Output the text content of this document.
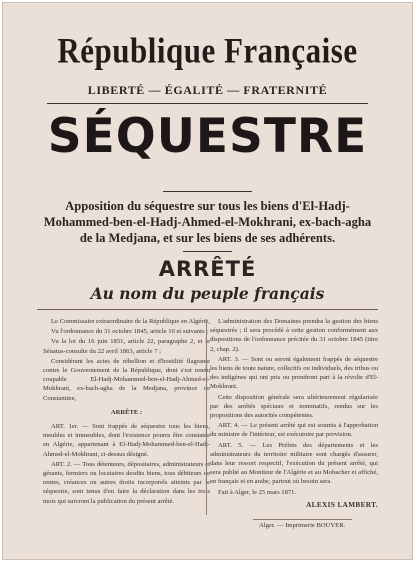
République Française
LIBERTÉ — ÉGALITÉ — FRATERNITÉ
SÉQUESTRE
Apposition du séquestre sur tous les biens d'El-Hadj-Mohammed-ben-el-Hadj-Ahmed-el-Mokhrani, ex-bach-agha de la Medjana, et sur les biens de ses adhérents.
ARRÊTÉ
Au nom du peuple français

Le Commissaire extraordinaire de la République en Algérie,

Vu l'ordonnance du 31 octobre 1845, article 10 et suivants ;

Vu la loi du 16 juin 1851, article 22, paragraphe 2, et le Sénatus-consulte du 22 avril 1863, article 7 ;

Considérant les actes de rébellion et d'hostilité flagrante contre le Gouvernement de la République, dont s'est rendu coupable El-Hadj-Mohammed-ben-el-Hadj-Ahmed-el-Mokhrani, ex-bach-agha de la Medjana, province de Constantine,

ARRÊTE :

ART. 1er. — Sont frappés de séquestre tous les biens, meubles et immeubles, dont l'existence pourra être constatée en Algérie, appartenant à El-Hadj-Mohammed-ben-el-Hadj-Ahmed-el-Mokhrani, ci-dessus désigné.

ART. 2. — Tous détenteurs, dépositaires, administrateurs et gérants, fermiers ou locataires desdits biens, tous débiteurs de rentes, créances ou autres droits incorporels atteints par le séquestre, sont tenus d'en faire la déclaration dans les trois mois qui suivront la publication du présent arrêté.

L'administration des Domaines prendra la gestion des biens séquestrés ; il sera procédé à cette gestion conformément aux dispositions de l'ordonnance précitée du 31 octobre 1845 (titre 2, chap. 2).

ART. 3. — Sont ou seront également frappés de séquestre les biens de toute nature, collectifs ou individuels, des tribus ou des indigènes qui ont pris ou prendront part à la révolte d'El-Mokhrani.

Cette disposition générale sera ultérieurement régularisée par des arrêtés spéciaux et nominatifs, rendus sur les propositions des autorités compétentes.

ART. 4. — Le présent arrêté qui est soumis à l'approbation du ministre de l'intérieur, est exécutoire par provision.

ART. 5. — Les Préfets des départements et les administrateurs du territoire militaire sont chargés d'assurer, dans leur ressort respectif, l'exécution du présent arrêté, qui sera publié au Moniteur de l'Algérie et au Mobacher et affiché, en français et en arabe, partout où besoin sera.

Fait à Alger, le 25 mars 1871.

ALEXIS LAMBERT.

Alger. — Imprimerie BOUYER.
